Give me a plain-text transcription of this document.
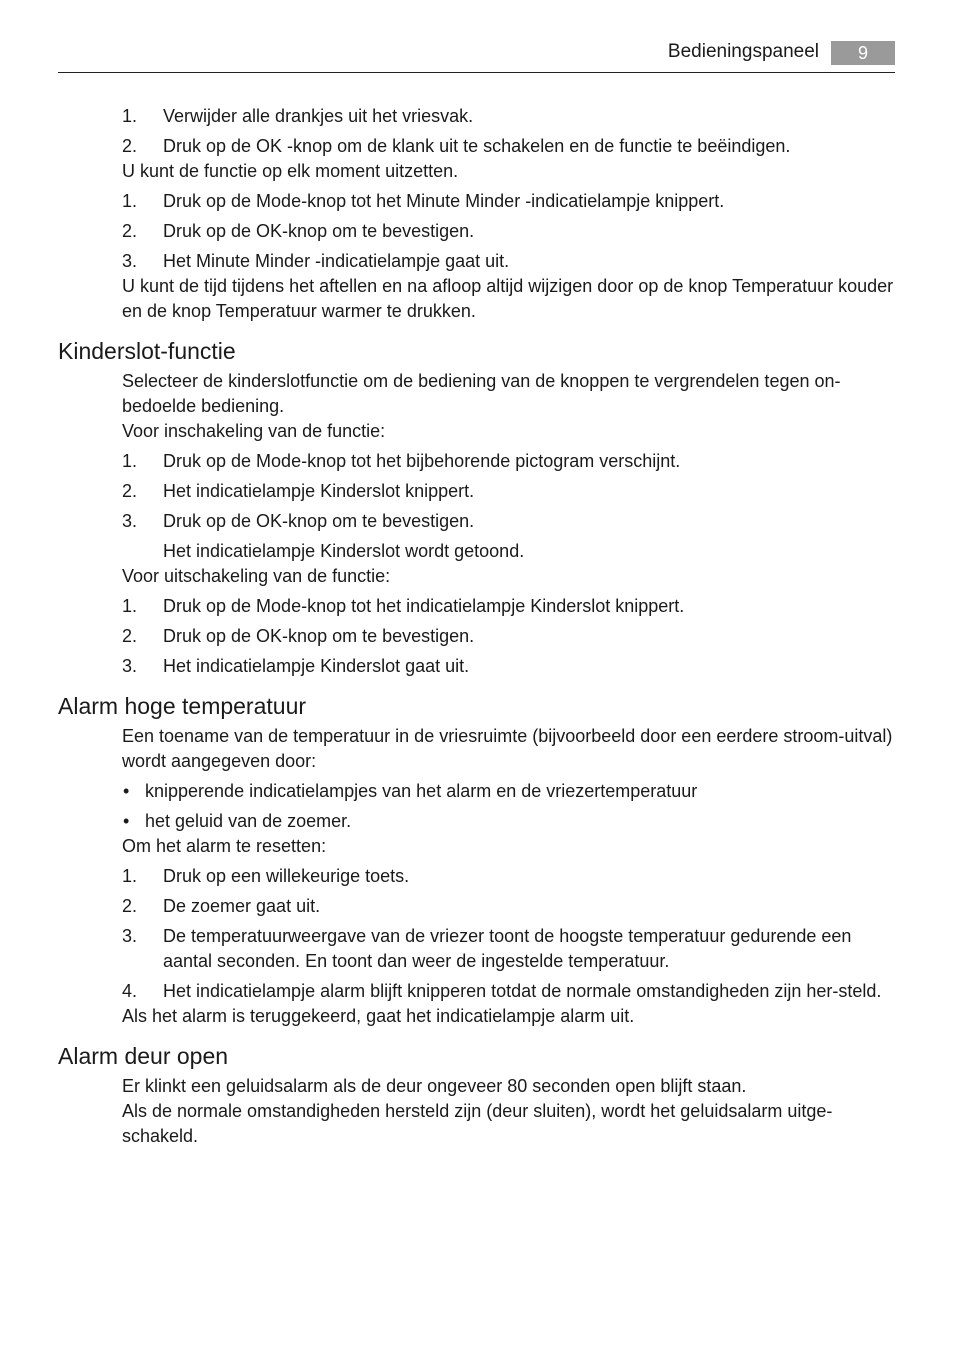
Bedieningspaneel	9
1. Verwijder alle drankjes uit het vriesvak.
2. Druk op de OK -knop om de klank uit te schakelen en de functie te beëindigen.
U kunt de functie op elk moment uitzetten.
1. Druk op de Mode-knop tot het Minute Minder -indicatielampje knippert.
2. Druk op de OK-knop om te bevestigen.
3. Het Minute Minder -indicatielampje gaat uit.
U kunt de tijd tijdens het aftellen en na afloop altijd wijzigen door op de knop Temperatuur kouder en de knop Temperatuur warmer te drukken.
Kinderslot-functie
Selecteer de kinderslotfunctie om de bediening van de knoppen te vergrendelen tegen on-bedoelde bediening.
Voor inschakeling van de functie:
1. Druk op de Mode-knop tot het bijbehorende pictogram verschijnt.
2. Het indicatielampje Kinderslot knippert.
3. Druk op de OK-knop om te bevestigen.
Het indicatielampje Kinderslot wordt getoond.
Voor uitschakeling van de functie:
1. Druk op de Mode-knop tot het indicatielampje Kinderslot knippert.
2. Druk op de OK-knop om te bevestigen.
3. Het indicatielampje Kinderslot gaat uit.
Alarm hoge temperatuur
Een toename van de temperatuur in de vriesruimte (bijvoorbeeld door een eerdere stroom-uitval) wordt aangegeven door:
• knipperende indicatielampjes van het alarm en de vriezertemperatuur
• het geluid van de zoemer.
Om het alarm te resetten:
1. Druk op een willekeurige toets.
2. De zoemer gaat uit.
3. De temperatuurweergave van de vriezer toont de hoogste temperatuur gedurende een aantal seconden. En toont dan weer de ingestelde temperatuur.
4. Het indicatielampje alarm blijft knipperen totdat de normale omstandigheden zijn her-steld.
Als het alarm is teruggekeerd, gaat het indicatielampje alarm uit.
Alarm deur open
Er klinkt een geluidsalarm als de deur ongeveer 80 seconden open blijft staan.
Als de normale omstandigheden hersteld zijn (deur sluiten), wordt het geluidsalarm uitge-schakeld.
